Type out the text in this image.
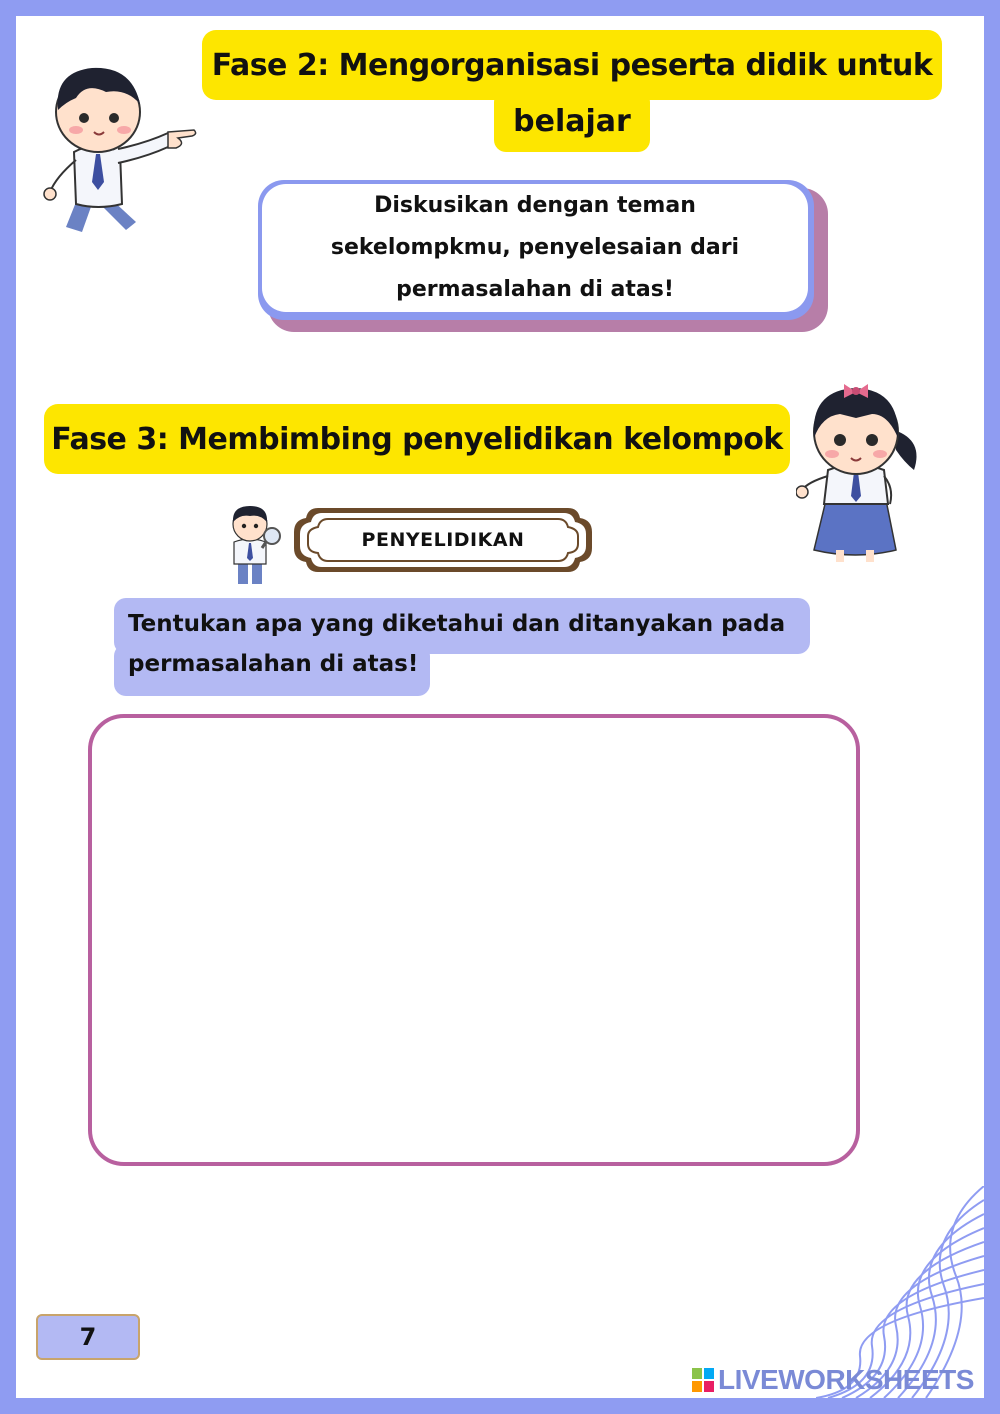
Fase 2: Mengorganisasi peserta didik untuk
belajar
Diskusikan dengan teman sekelompkmu, penyelesaian dari permasalahan di atas!
Fase 3: Membimbing penyelidikan kelompok
PENYELIDIKAN
Tentukan apa yang diketahui dan ditanyakan pada
permasalahan di atas!
7
LIVEWORKSHEETS
